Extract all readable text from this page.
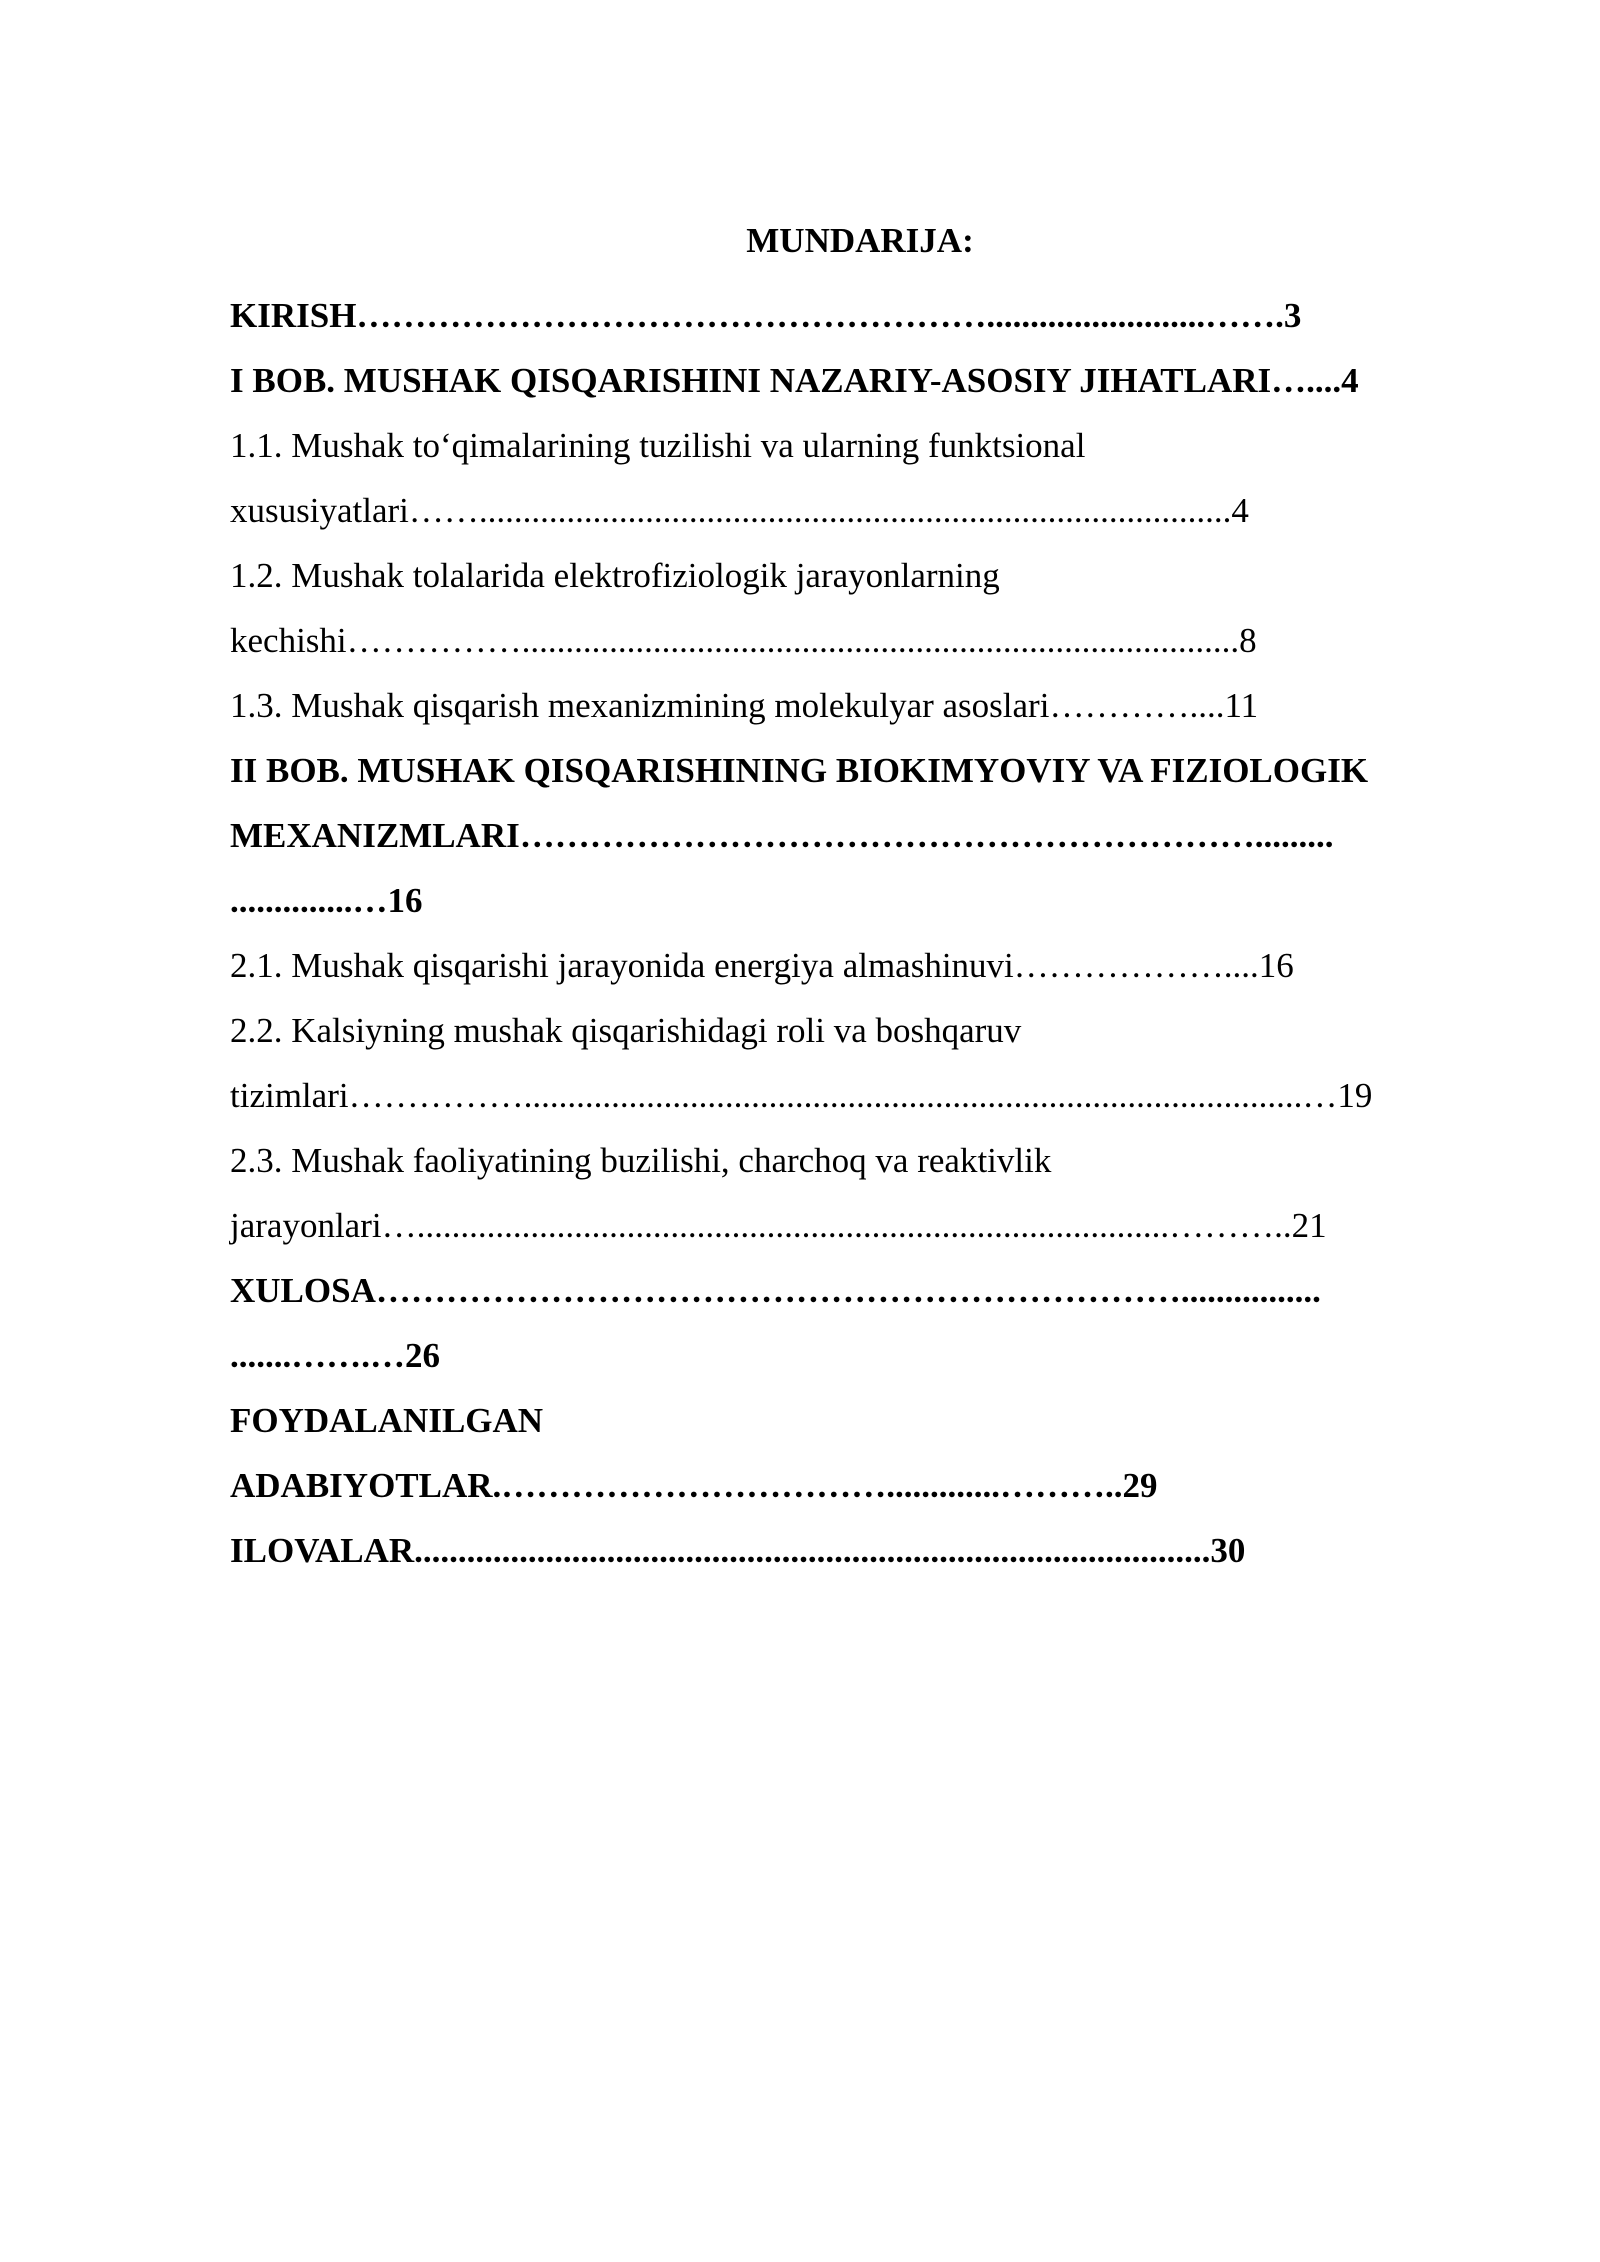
MUNDARIJA:
KIRISH……………………………………………….........................…….3
I BOB. MUSHAK QISQARISHINI NAZARIY-ASOSIY JIHATLARI…....4
1.1. Mushak to‘qimalarining tuzilishi va ularning funktsional
xususiyatlari……......................................................................................4
1.2. Mushak tolalarida elektrofiziologik jarayonlarning
kechishi……………..................................................................................8
1.3. Mushak qisqarish mexanizmining molekulyar asoslari…………....11
II BOB. MUSHAK QISQARISHINING BIOKIMYOVIY VA FIZIOLOGIK
MEXANIZMLARI……………………………………………………….........
..............…16
2.1. Mushak qisqarishi jarayonida energiya almashinuvi………………....16
2.2. Kalsiyning mushak qisqarishidagi roli va boshqaruv
tizimlari…………….........................................................................................…19
2.3. Mushak faoliyatining buzilishi, charchoq va reaktivlik
jarayonlari…......................................................................................………..21
XULOSA……………………………………………………………................
.......…….…26
FOYDALANILGAN
ADABIYOTLAR.…………………………….............………..29
ILOVALAR...........................................................................................30
